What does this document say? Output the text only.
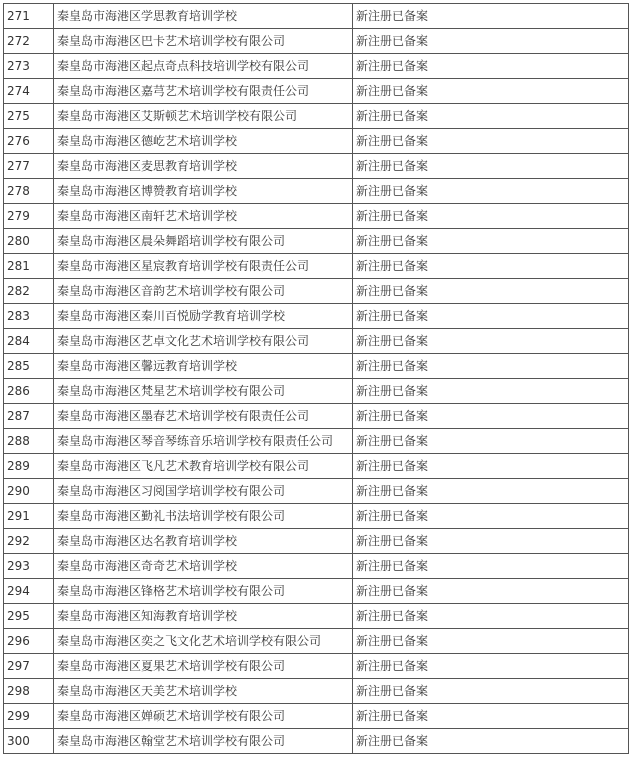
271	秦皇岛市海港区学思教育培训学校	新注册已备案
272	秦皇岛市海港区巴卡艺术培训学校有限公司	新注册已备案
273	秦皇岛市海港区起点奇点科技培训学校有限公司	新注册已备案
274	秦皇岛市海港区嘉芎艺术培训学校有限责任公司	新注册已备案
275	秦皇岛市海港区艾斯顿艺术培训学校有限公司	新注册已备案
276	秦皇岛市海港区德屹艺术培训学校	新注册已备案
277	秦皇岛市海港区麦思教育培训学校	新注册已备案
278	秦皇岛市海港区博赞教育培训学校	新注册已备案
279	秦皇岛市海港区南轩艺术培训学校	新注册已备案
280	秦皇岛市海港区晨朵舞蹈培训学校有限公司	新注册已备案
281	秦皇岛市海港区星宸教育培训学校有限责任公司	新注册已备案
282	秦皇岛市海港区音韵艺术培训学校有限公司	新注册已备案
283	秦皇岛市海港区秦川百悦励学教育培训学校	新注册已备案
284	秦皇岛市海港区艺卓文化艺术培训学校有限公司	新注册已备案
285	秦皇岛市海港区馨远教育培训学校	新注册已备案
286	秦皇岛市海港区梵星艺术培训学校有限公司	新注册已备案
287	秦皇岛市海港区墨春艺术培训学校有限责任公司	新注册已备案
288	秦皇岛市海港区琴音琴练音乐培训学校有限责任公司	新注册已备案
289	秦皇岛市海港区飞凡艺术教育培训学校有限公司	新注册已备案
290	秦皇岛市海港区习阅国学培训学校有限公司	新注册已备案
291	秦皇岛市海港区勤礼书法培训学校有限公司	新注册已备案
292	秦皇岛市海港区达名教育培训学校	新注册已备案
293	秦皇岛市海港区奇奇艺术培训学校	新注册已备案
294	秦皇岛市海港区锋格艺术培训学校有限公司	新注册已备案
295	秦皇岛市海港区知海教育培训学校	新注册已备案
296	秦皇岛市海港区奕之飞文化艺术培训学校有限公司	新注册已备案
297	秦皇岛市海港区夏果艺术培训学校有限公司	新注册已备案
298	秦皇岛市海港区天美艺术培训学校	新注册已备案
299	秦皇岛市海港区婵硕艺术培训学校有限公司	新注册已备案
300	秦皇岛市海港区翰堂艺术培训学校有限公司	新注册已备案
